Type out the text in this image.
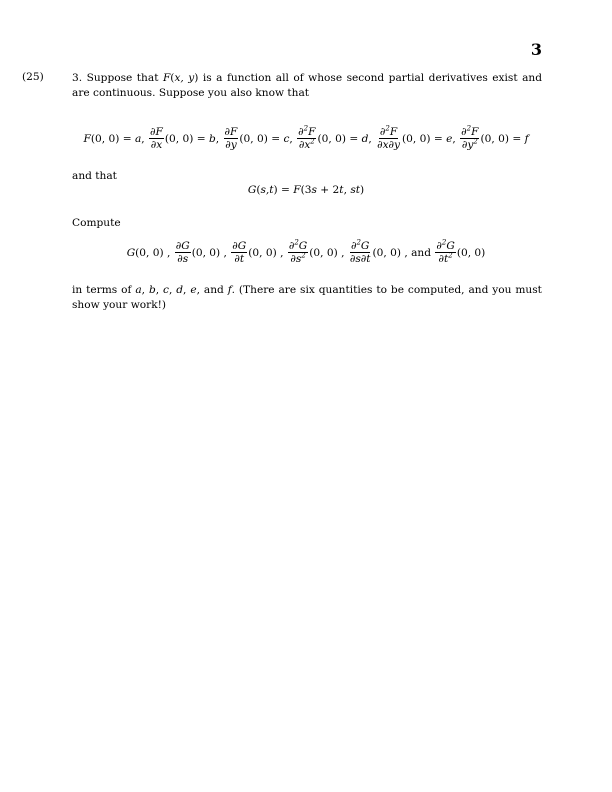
3
(25)	3. Suppose that F(x, y) is a function all of whose second partial derivatives exist and are continuous. Suppose you also know that

F(0, 0) = a, $\frac{\partial F}{\partial x} (0$, 0) = b, $\frac{\partial F}{\partial y} (0$, 0) = c, $\frac{\partial^2F}{\partial x^2} (0$, 0) = d, $\frac{\partial^2F}{\partial x\partial y} (0$, 0) = e, $\frac{\partial^2F}{\partial y^2} (0$, 0) = f
and that
G(s,t) = F(3s + 2t, st)
Compute
G(0, 0) , $\frac{\partial G}{\partial s} (0$, 0) , $\frac{\partial G}{\partial t} (0$, 0) , $\frac{\partial^2G}{\partial s^2} (0$, 0) , $\frac{\partial^2G}{\partial s\partial t} (0$, 0) , and $\frac{\partial^2G}{\partial t^2} (0$, 0)
in terms of a, b, c, d, e, and f. (There are six quantities to be computed, and you must show your work!)
